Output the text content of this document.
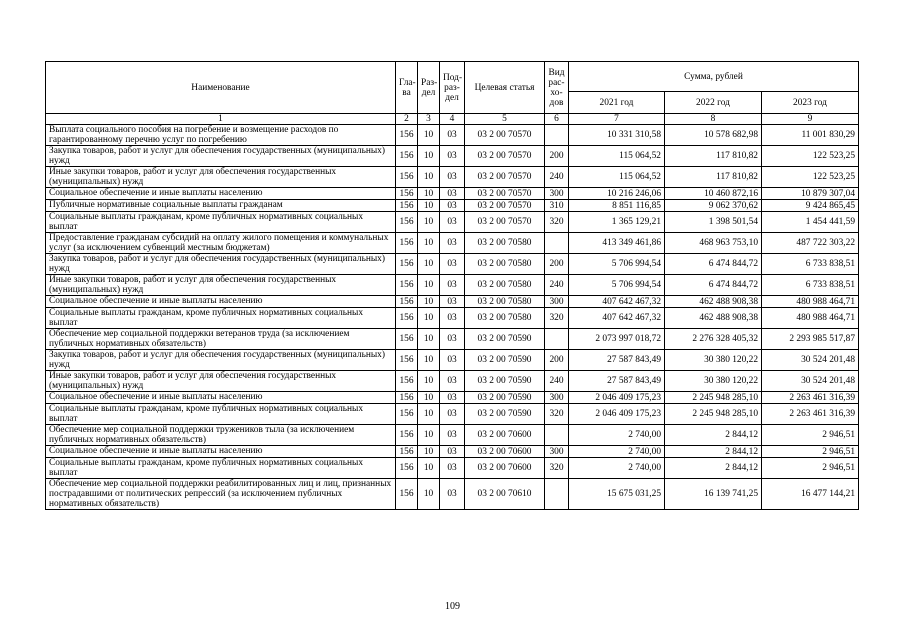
Наименование	Гла-ва	Раз-дел	Под-раз-дел	Целевая статья	Вид рас-хо-дов	Сумма, рублей		
						2021 год	2022 год	2023 год
1	2	3	4	5	6	7	8	9
Выплата социального пособия на погребение и возмещение расходов по гарантированному перечню услуг по погребению	156	10	03	03 2 00 70570		10 331 310,58	10 578 682,98	11 001 830,29
Закупка товаров, работ и услуг для обеспечения государственных (муниципальных) нужд	156	10	03	03 2 00 70570	200	115 064,52	117 810,82	122 523,25
Иные закупки товаров, работ и услуг для обеспечения государственных (муниципальных) нужд	156	10	03	03 2 00 70570	240	115 064,52	117 810,82	122 523,25
Социальное обеспечение и иные выплаты населению	156	10	03	03 2 00 70570	300	10 216 246,06	10 460 872,16	10 879 307,04
Публичные нормативные социальные выплаты гражданам	156	10	03	03 2 00 70570	310	8 851 116,85	9 062 370,62	9 424 865,45
Социальные выплаты гражданам, кроме публичных нормативных социальных выплат	156	10	03	03 2 00 70570	320	1 365 129,21	1 398 501,54	1 454 441,59
Предоставление гражданам субсидий на оплату жилого помещения и коммунальных услуг (за исключением субвенций местным бюджетам)	156	10	03	03 2 00 70580		413 349 461,86	468 963 753,10	487 722 303,22
Закупка товаров, работ и услуг для обеспечения государственных (муниципальных) нужд	156	10	03	03 2 00 70580	200	5 706 994,54	6 474 844,72	6 733 838,51
Иные закупки товаров, работ и услуг для обеспечения государственных (муниципальных) нужд	156	10	03	03 2 00 70580	240	5 706 994,54	6 474 844,72	6 733 838,51
Социальное обеспечение и иные выплаты населению	156	10	03	03 2 00 70580	300	407 642 467,32	462 488 908,38	480 988 464,71
Социальные выплаты гражданам, кроме публичных нормативных социальных выплат	156	10	03	03 2 00 70580	320	407 642 467,32	462 488 908,38	480 988 464,71
Обеспечение мер социальной поддержки ветеранов труда (за исключением публичных нормативных обязательств)	156	10	03	03 2 00 70590		2 073 997 018,72	2 276 328 405,32	2 293 985 517,87
Закупка товаров, работ и услуг для обеспечения государственных (муниципальных) нужд	156	10	03	03 2 00 70590	200	27 587 843,49	30 380 120,22	30 524 201,48
Иные закупки товаров, работ и услуг для обеспечения государственных (муниципальных) нужд	156	10	03	03 2 00 70590	240	27 587 843,49	30 380 120,22	30 524 201,48
Социальное обеспечение и иные выплаты населению	156	10	03	03 2 00 70590	300	2 046 409 175,23	2 245 948 285,10	2 263 461 316,39
Социальные выплаты гражданам, кроме публичных нормативных социальных выплат	156	10	03	03 2 00 70590	320	2 046 409 175,23	2 245 948 285,10	2 263 461 316,39
Обеспечение мер социальной поддержки тружеников тыла (за исключением публичных нормативных обязательств)	156	10	03	03 2 00 70600		2 740,00	2 844,12	2 946,51
Социальное обеспечение и иные выплаты населению	156	10	03	03 2 00 70600	300	2 740,00	2 844,12	2 946,51
Социальные выплаты гражданам, кроме публичных нормативных социальных выплат	156	10	03	03 2 00 70600	320	2 740,00	2 844,12	2 946,51
Обеспечение мер социальной поддержки реабилитированных лиц и лиц, признанных пострадавшими от политических репрессий (за исключением публичных нормативных обязательств)	156	10	03	03 2 00 70610		15 675 031,25	16 139 741,25	16 477 144,21
109
